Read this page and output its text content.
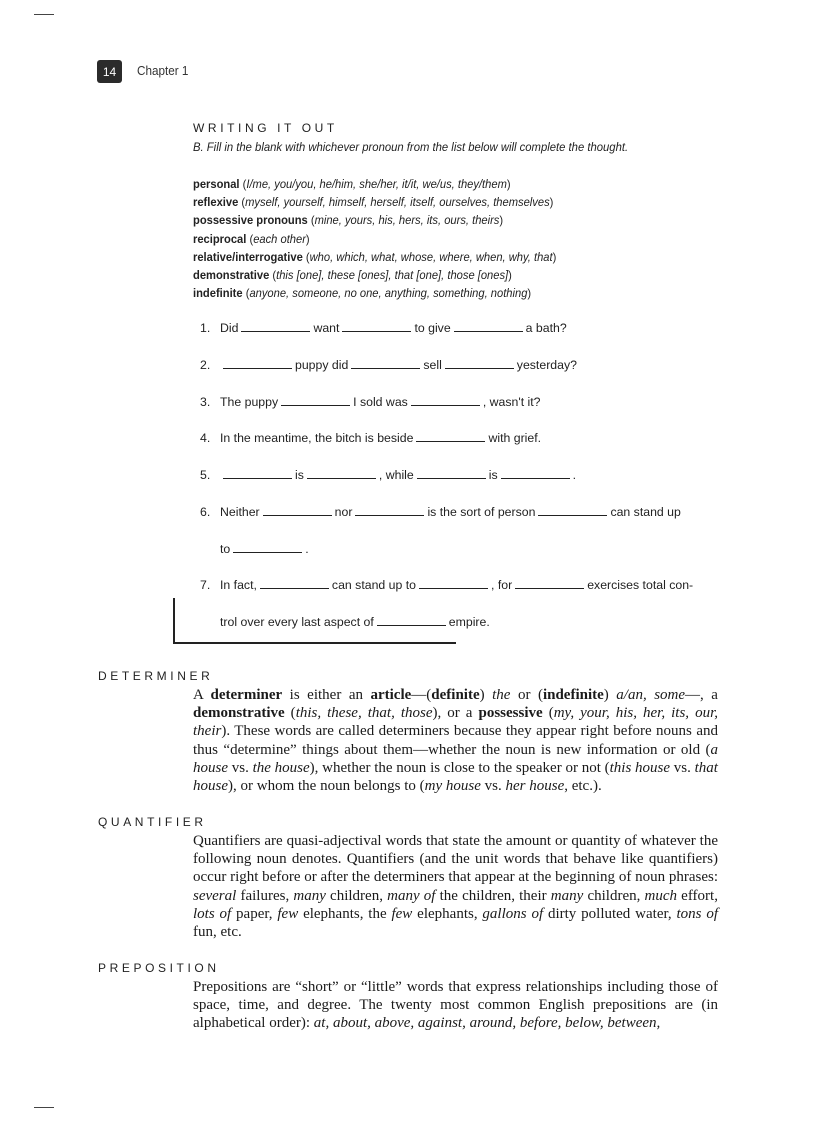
14	Chapter 1
WRITING IT OUT
B. Fill in the blank with whichever pronoun from the list below will complete the thought.
personal (I/me, you/you, he/him, she/her, it/it, we/us, they/them)
reflexive (myself, yourself, himself, herself, itself, ourselves, themselves)
possessive pronouns (mine, yours, his, hers, its, ours, theirs)
reciprocal (each other)
relative/interrogative (who, which, what, whose, where, when, why, that)
demonstrative (this [one], these [ones], that [one], those [ones])
indefinite (anyone, someone, no one, anything, something, nothing)
1. Did	want	to give	a bath?
2.	puppy did	sell	yesterday?
3. The puppy	I sold was	, wasn't it?
4. In the meantime, the bitch is beside	with grief.
5.	is	, while	is	.
6. Neither	nor	is the sort of person	can stand up
to	.
7. In fact,	can stand up to	, for	exercises total con-
trol over every last aspect of	empire.
DETERMINER
A determiner is either an article—(definite) the or (indefinite) a/an, some—, a demonstrative (this, these, that, those), or a possessive (my, your, his, her, its, our, their). These words are called determiners because they appear right before nouns and thus “determine” things about them—whether the noun is new information or old (a house vs. the house), whether the noun is close to the speaker or not (this house vs. that house), or whom the noun belongs to (my house vs. her house, etc.).
QUANTIFIER
Quantifiers are quasi-adjectival words that state the amount or quantity of whatever the following noun denotes. Quantifiers (and the unit words that behave like quantifiers) occur right before or after the determiners that appear at the beginning of noun phrases: several failures, many children, many of the children, their many children, much effort, lots of paper, few elephants, the few elephants, gallons of dirty polluted water, tons of fun, etc.
PREPOSITION
Prepositions are “short” or “little” words that express relationships including those of space, time, and degree. The twenty most common English prepositions are (in alphabetical order): at, about, above, against, around, before, below, between,
